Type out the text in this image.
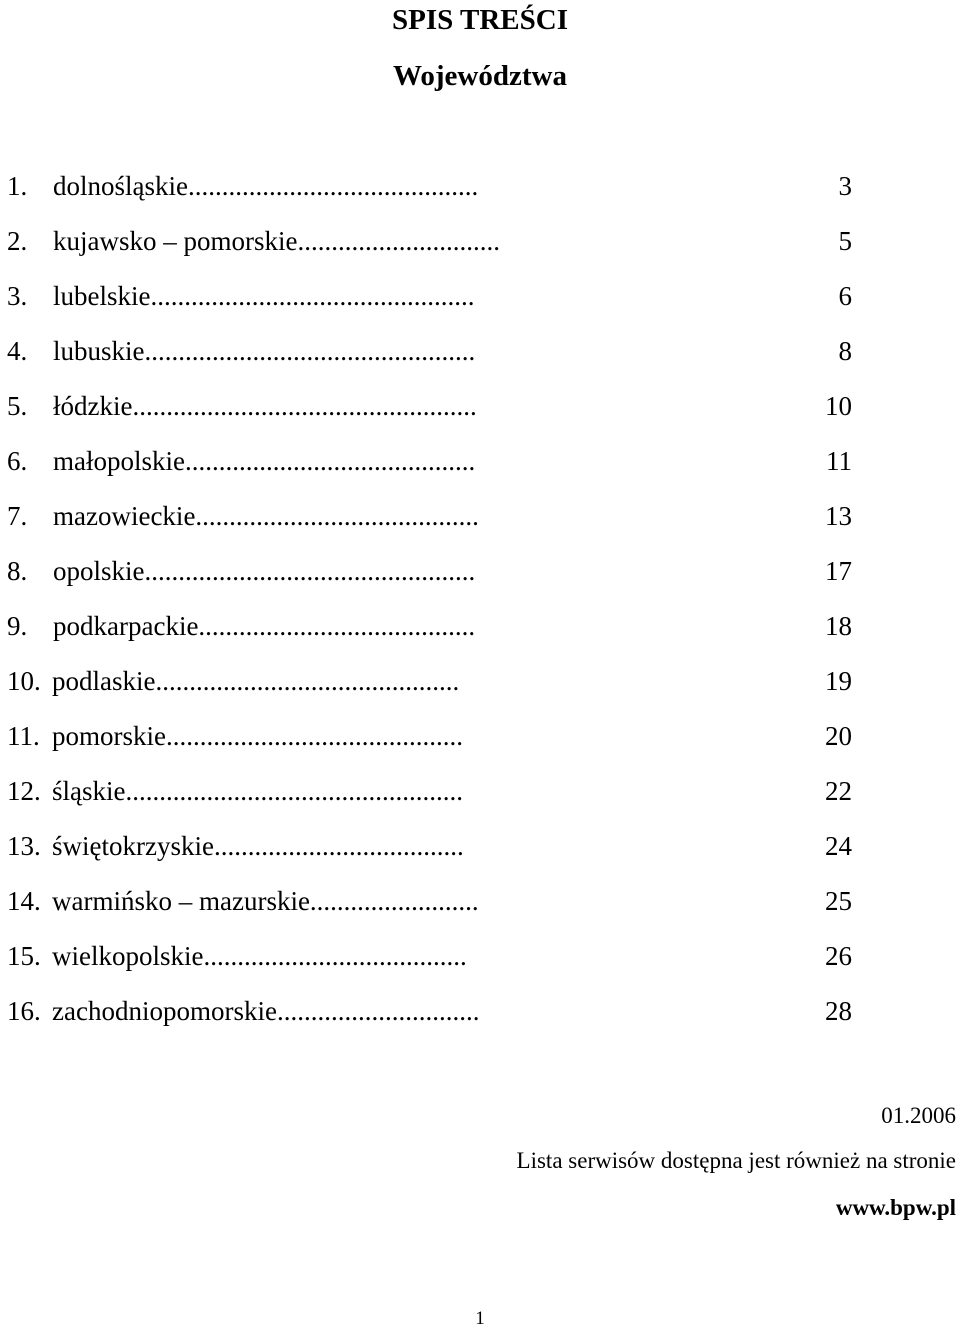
SPIS TREŚCI
Województwa
1. dolnośląskie...........................................	3
2. kujawsko – pomorskie..............................	5
3. lubelskie................................................	6
4. lubuskie.................................................	8
5. łódzkie...................................................	10
6. małopolskie...........................................	11
7. mazowieckie..........................................	13
8. opolskie.................................................	17
9. podkarpackie.........................................	18
10. podlaskie.............................................	19
11. pomorskie............................................	20
12. śląskie..................................................	22
13. świętokrzyskie.....................................	24
14. warmińsko – mazurskie.........................	25
15. wielkopolskie.......................................	26
16. zachodniopomorskie..............................	28
01.2006
Lista serwisów dostępna jest również na stronie
www.bpw.pl
1
